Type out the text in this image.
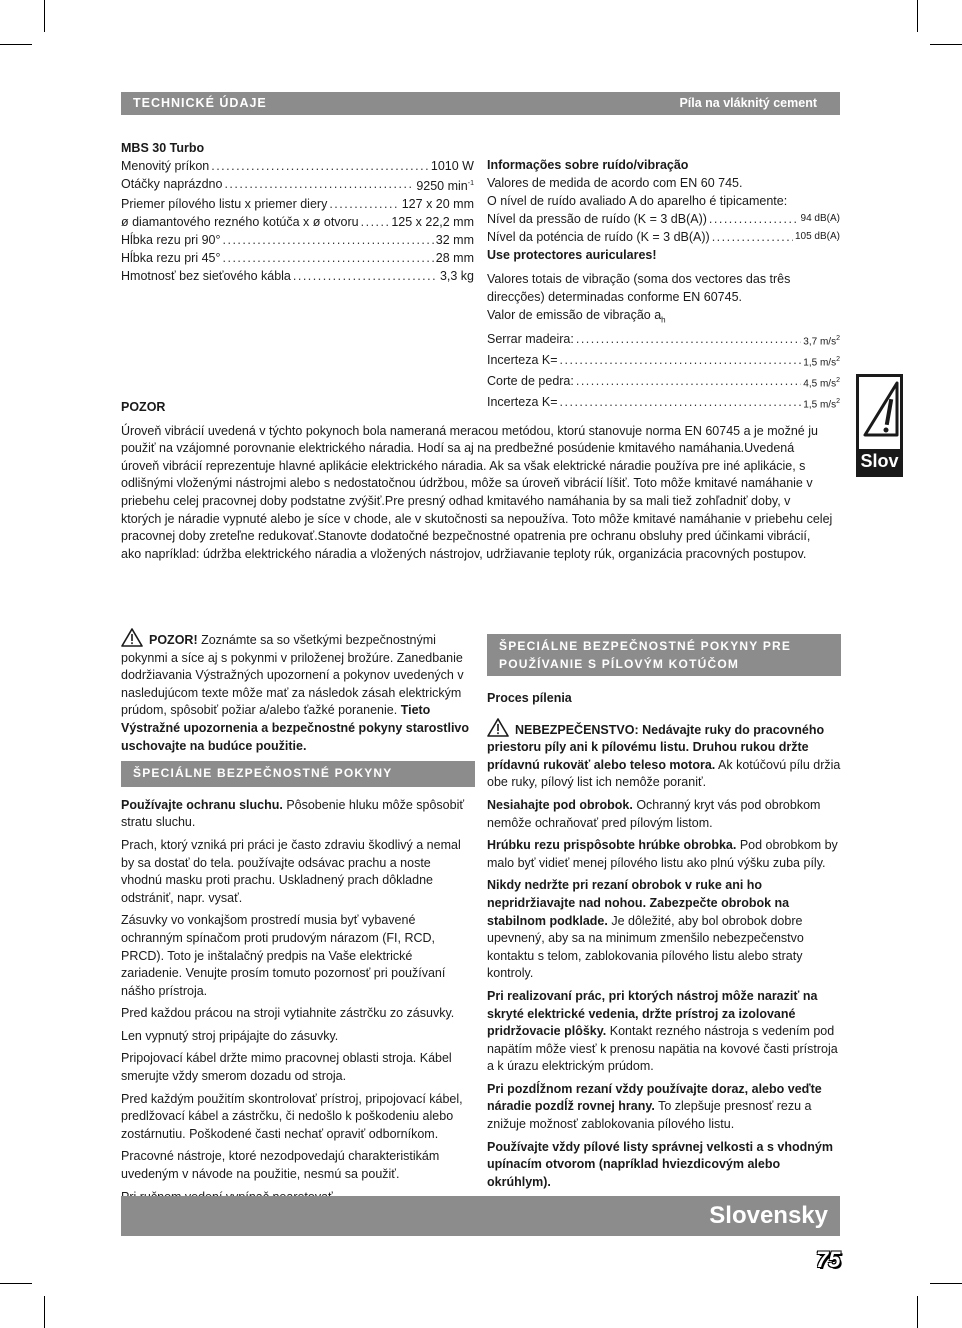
TECHNICKÉ ÚDAJE	Píla na vláknitý cement
MBS 30 Turbo
Menovitý príkon .....	1010 W
Otáčky naprázdno .....	9250 $\min^{-1}$
Priemer pílového listu x priemer diery .....	127 x 20 mm
ø diamantového rezného kotúča x ø otvoru .....	125 x 22,2 mm
Hĺbka rezu pri 90° .....	32 mm
Hĺbka rezu pri 45° .....	28 mm
Hmotnosť bez sieťového kábla .....	3,3 kg
Informações sobre ruído/vibração
Valores de medida de acordo com EN 60 745.
O nível de ruído avaliado A do aparelho é tipicamente:
Nível da pressão de ruído (K = 3 dB(A)) .....	94 dB(A)
Nível da poténcia de ruído (K = 3 dB(A)) .....	105 dB(A)
Use protectores auriculares!
Valores totais de vibração (soma dos vectores das três direcções) determinadas conforme EN 60745.
Valor de emissão de vibração $a_h$
Serrar madeira: .....	3,7 $m/s^2$
Incerteza K= .....	1,5 $m/s^2$
Corte de pedra: .....	4,5 $m/s^2$
Incerteza K= .....	1,5 $m/s^2$
POZOR
Úroveň vibrácií uvedená v týchto pokynoch bola nameraná meracou metódou, ktorú stanovuje norma EN 60745 a je možné ju použiť na vzájomné porovnanie elektrického náradia. Hodí sa aj na predbežné posúdenie kmitavého namáhania.Uvedená úroveň vibrácií reprezentuje hlavné aplikácie elektrického náradia. Ak sa však elektrické náradie používa pre iné aplikácie, s odlišnými vloženými nástrojmi alebo s nedostatočnou údržbou, môže sa úroveň vibrácií líšiť. Toto môže kmitavé namáhanie v priebehu celej pracovnej doby podstatne zvýšiť.Pre presný odhad kmitavého namáhania by sa mali tiež zohľadniť doby, v ktorých je náradie vypnuté alebo je síce v chode, ale v skutočnosti sa nepoužíva. Toto môže kmitavé namáhanie v priebehu celej pracovnej doby zreteľne redukovať.Stanovte dodatočné bezpečnostné opatrenia pre ochranu obsluhy pred účinkami vibrácií, ako napríklad: údržba elektrického náradia a vložených nástrojov, udržiavanie teploty rúk, organizácia pracovných postupov.
Slov

POZOR! Zoznámte sa so všetkými bezpečnostnými pokynmi a síce aj s pokynmi v priloženej brožúre. Zanedbanie dodržiavania Výstražných upozornení a pokynov uvedených v nasledujúcom texte môže mať za následok zásah elektrickým prúdom, spôsobiť požiar a/alebo ťažké poranenie. Tieto Výstražné upozornenia a bezpečnostné pokyny starostlivo uschovajte na budúce použitie.

ŠPECIÁLNE BEZPEČNOSTNÉ POKYNY

Používajte ochranu sluchu. Pôsobenie hluku môže spôsobiť stratu sluchu.

Prach, ktorý vzniká pri práci je často zdraviu škodlivý a nemal by sa dostať do tela. používajte odsávac prachu a noste vhodnú masku proti prachu. Uskladnený prach dôkladne odstrániť, napr. vysať.

Zásuvky vo vonkajšom prostredí musia byť vybavené ochranným spínačom proti prudovým nárazom (FI, RCD, PRCD). Toto je inštalačný predpis na Vaše elektrické zariadenie. Venujte prosím tomuto pozornosť pri používaní nášho prístroja.

Pred každou prácou na stroji vytiahnite zástrčku zo zásuvky.

Len vypnutý stroj pripájajte do zásuvky.

Pripojovací kábel držte mimo pracovnej oblasti stroja. Kábel smerujte vždy smerom dozadu od stroja.

Pred každým použitím skontrolovať prístroj, pripojovací kábel, predlžovací kábel a zástrčku, či nedošlo k poškodeniu alebo zostárnutiu. Poškodené časti nechať opraviť odborníkom.

Pracovné nástroje, ktoré nezodpovedajú charakteristikám uvedeným v návode na použitie, nesmú sa použiť.

ŠPECIÁLNE BEZPEČNOSTNÉ POKYNY PRE POUŽÍVANIE S PÍLOVÝM KOTÚČOM

Proces pílenia

NEBEZPEČENSTVO: Nedávajte ruky do pracovného priestoru píly ani k pílovému listu. Druhou rukou držte prídavnú rukoväť alebo teleso motora. Ak kotúčovú pílu držia obe ruky, pílový list ich nemôže poraniť.

Nesiahajte pod obrobok. Ochranný kryt vás pod obrobkom nemôže ochraňovať pred pílovým listom.

Hrúbku rezu prispôsobte hrúbke obrobka. Pod obrobkom by malo byť vidieť menej pílového listu ako plnú výšku zuba píly.

Nikdy nedržte pri rezaní obrobok v ruke ani ho nepridržiavajte nad nohou. Zabezpečte obrobok na stabilnom podklade. Je dôležité, aby bol obrobok dobre upevnený, aby sa na minimum zmenšilo nebezpečenstvo kontaktu s telom, zablokovania pílového listu alebo straty kontroly.

Pri realizovaní prác, pri ktorých nástroj môže naraziť na skryté elektrické vedenia, držte prístroj za izolované pridržovacie plôšky. Kontakt rezného nástroja s vedením pod napätím môže viesť k prenosu napätia na kovové časti prístroja a k úrazu elektrickým prúdom.

Pri pozdĺžnom rezaní vždy používajte doraz, alebo veďte náradie pozdĺž rovnej hrany. To zlepšuje presnosť rezu a znižuje možnosť zablokovania pílového listu.

Používajte vždy pílové listy správnej velkosti a s vhodným upínacím otvorom (napríklad hviezdicovým alebo okrúhlym).

Slovensky
75
